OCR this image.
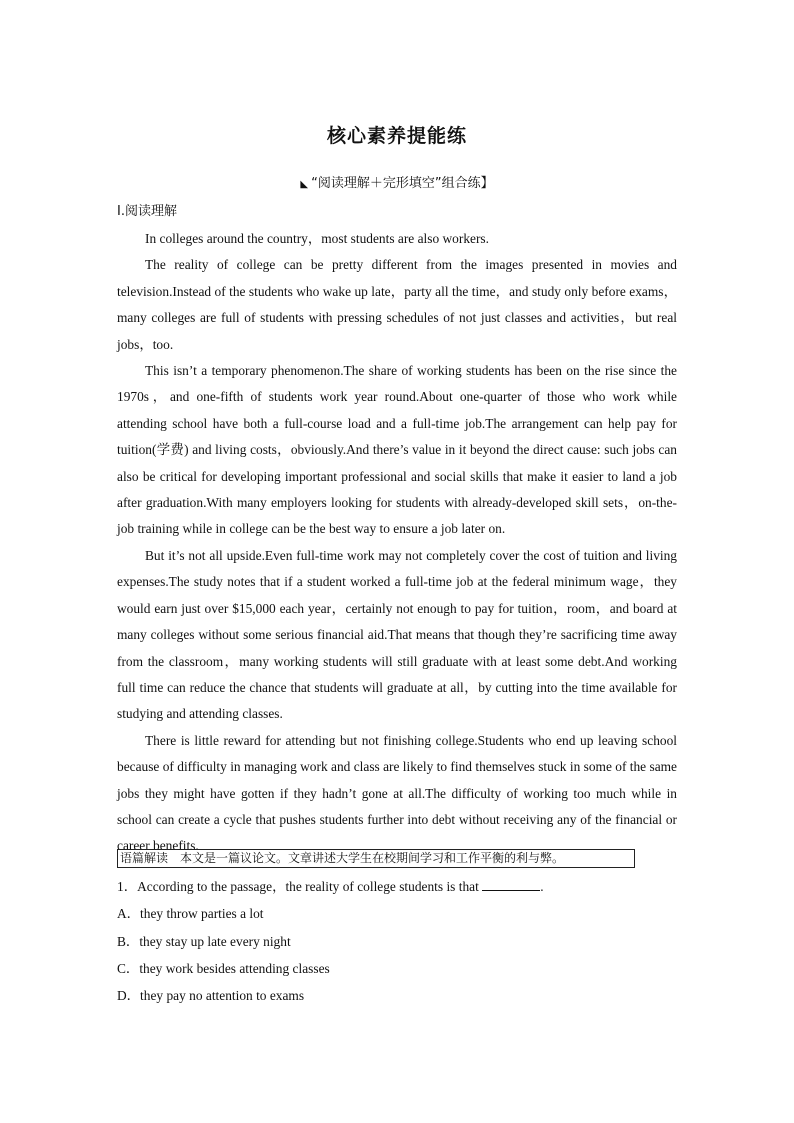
核心素养提能练
◣ “阅读理解＋完形填空”组合练】
Ⅰ.阅读理解

In colleges around the country，most students are also workers.

The reality of college can be pretty different from the images presented in movies and television.Instead of the students who wake up late，party all the time，and study only before exams，many colleges are full of students with pressing schedules of not just classes and activities，but real jobs，too.

This isn’t a temporary phenomenon.The share of working students has been on the rise since the 1970s，and one-fifth of students work year round.About one-quarter of those who work while attending school have both a full-course load and a full-time job.The arrangement can help pay for tuition(学费) and living costs，obviously.And there’s value in it beyond the direct cause: such jobs can also be critical for developing important professional and social skills that make it easier to land a job after graduation.With many employers looking for students with already-developed skill sets，on-the-job training while in college can be the best way to ensure a job later on.

But it’s not all upside.Even full-time work may not completely cover the cost of tuition and living expenses.The study notes that if a student worked a full-time job at the federal minimum wage，they would earn just over $15,000 each year，certainly not enough to pay for tuition，room，and board at many colleges without some serious financial aid.That means that though they’re sacrificing time away from the classroom，many working students will still graduate with at least some debt.And working full time can reduce the chance that students will graduate at all，by cutting into the time available for studying and attending classes.

There is little reward for attending but not finishing college.Students who end up leaving school because of difficulty in managing work and class are likely to find themselves stuck in some of the same jobs they might have gotten if they hadn’t gone at all.The difficulty of working too much while in school can create a cycle that pushes students further into debt without receiving any of the financial or career benefits.

语篇解读　本文是一篇议论文。文章讲述大学生在校期间学习和工作平衡的利与弊。
1．According to the passage，the reality of college students is that	.
A．they throw parties a lot
B．they stay up late every night
C．they work besides attending classes
D．they pay no attention to exams
